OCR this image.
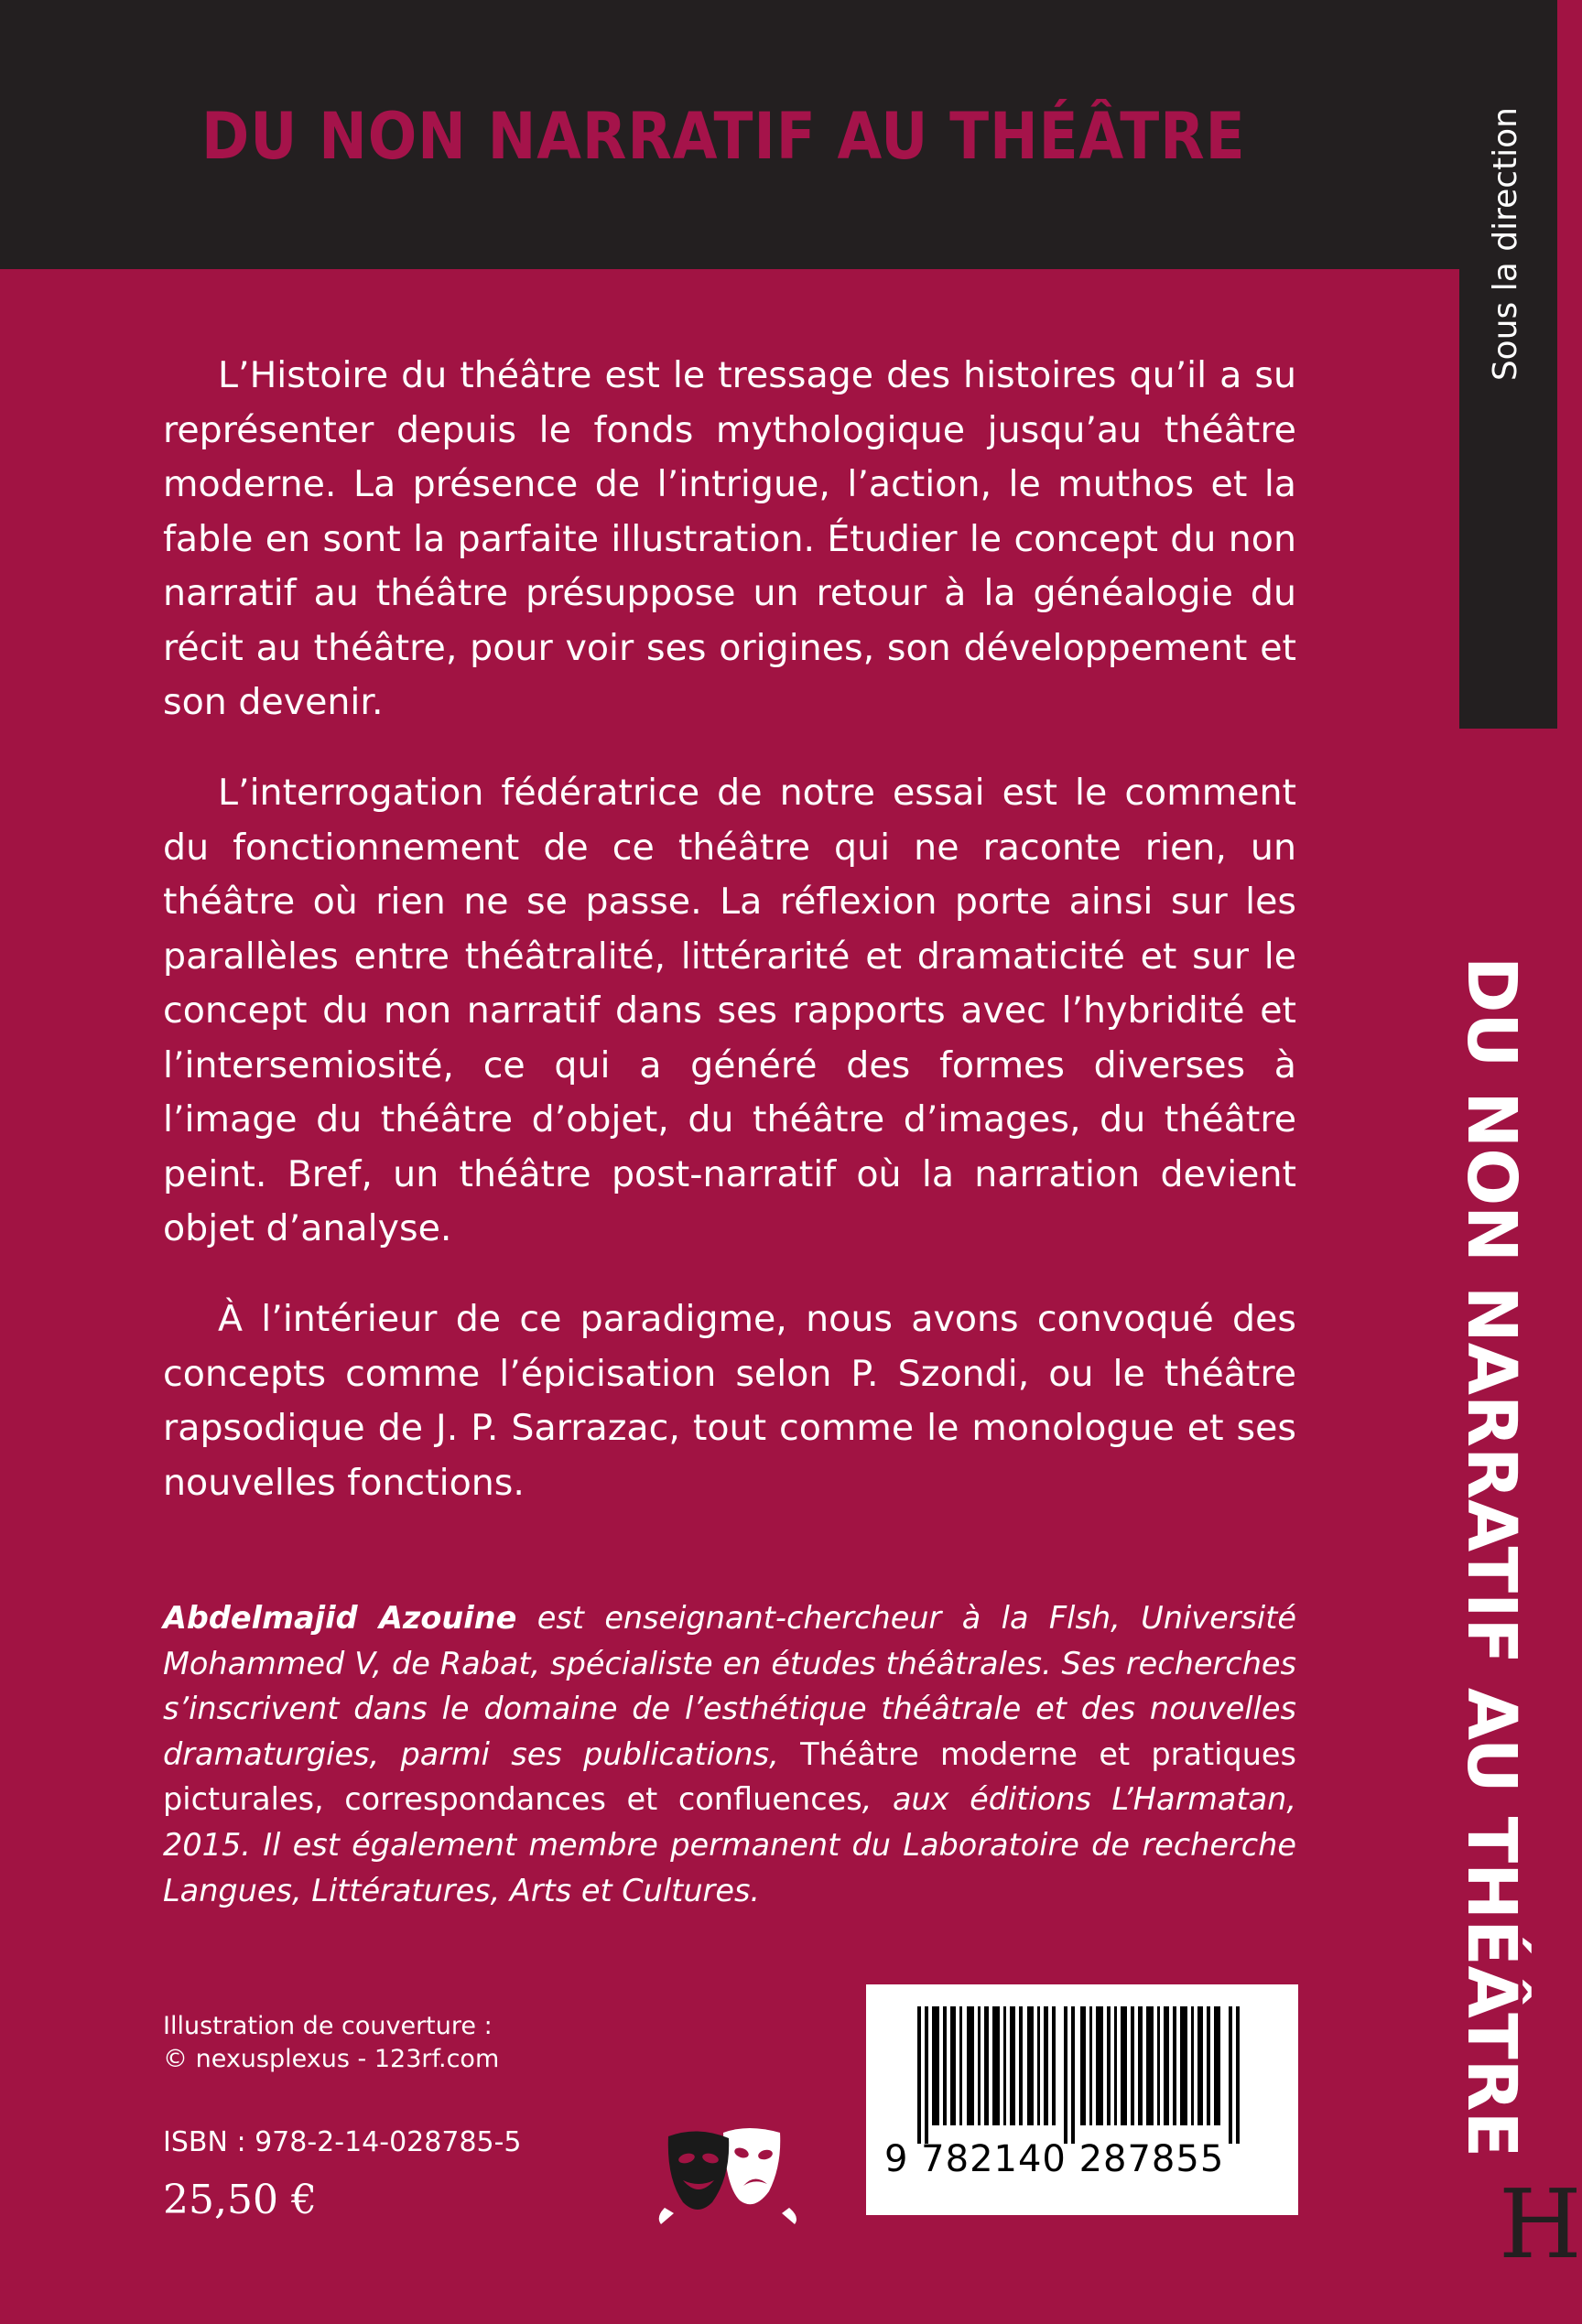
DU NON NARRATIF AU THÉÂTRE	Sous la direction
DU NON NARRATIF AU THÉÂTRE

L’Histoire du théâtre est le tressage des histoires qu’il a su représenter depuis le fonds mythologique jusqu’au théâtre moderne. La présence de l’intrigue, l’action, le muthos et la fable en sont la parfaite illustration. Étudier le concept du non narratif au théâtre présuppose un retour à la généalogie du récit au théâtre, pour voir ses origines, son développement et son devenir.

L’interrogation fédératrice de notre essai est le comment du fonctionnement de ce théâtre qui ne raconte rien, un théâtre où rien ne se passe. La réflexion porte ainsi sur les parallèles entre théâtralité, littérarité et dramaticité et sur le concept du non narratif dans ses rapports avec l’hybridité et l’intersemiosité, ce qui a généré des formes diverses à l’image du théâtre d’objet, du théâtre d’images, du théâtre peint. Bref, un théâtre post-narratif où la narration devient objet d’analyse.

À l’intérieur de ce paradigme, nous avons convoqué des concepts comme l’épicisation selon P. Szondi, ou le théâtre rapsodique de J. P. Sarrazac, tout comme le monologue et ses nouvelles fonctions.

Abdelmajid Azouine est enseignant-chercheur à la Flsh, Université Mohammed V, de Rabat, spécialiste en études théâtrales. Ses recherches s’inscrivent dans le domaine de l’esthétique théâtrale et des nouvelles dramaturgies, parmi ses publications, Théâtre moderne et pratiques picturales, correspondances et confluences, aux éditions L’Harmatan, 2015. Il est également membre permanent du Laboratoire de recherche Langues, Littératures, Arts et Cultures.

Illustration de couverture :
© nexusplexus - 123rf.com
ISBN : 978-2-14-028785-5
25,50 €
9 782140 287855
H
